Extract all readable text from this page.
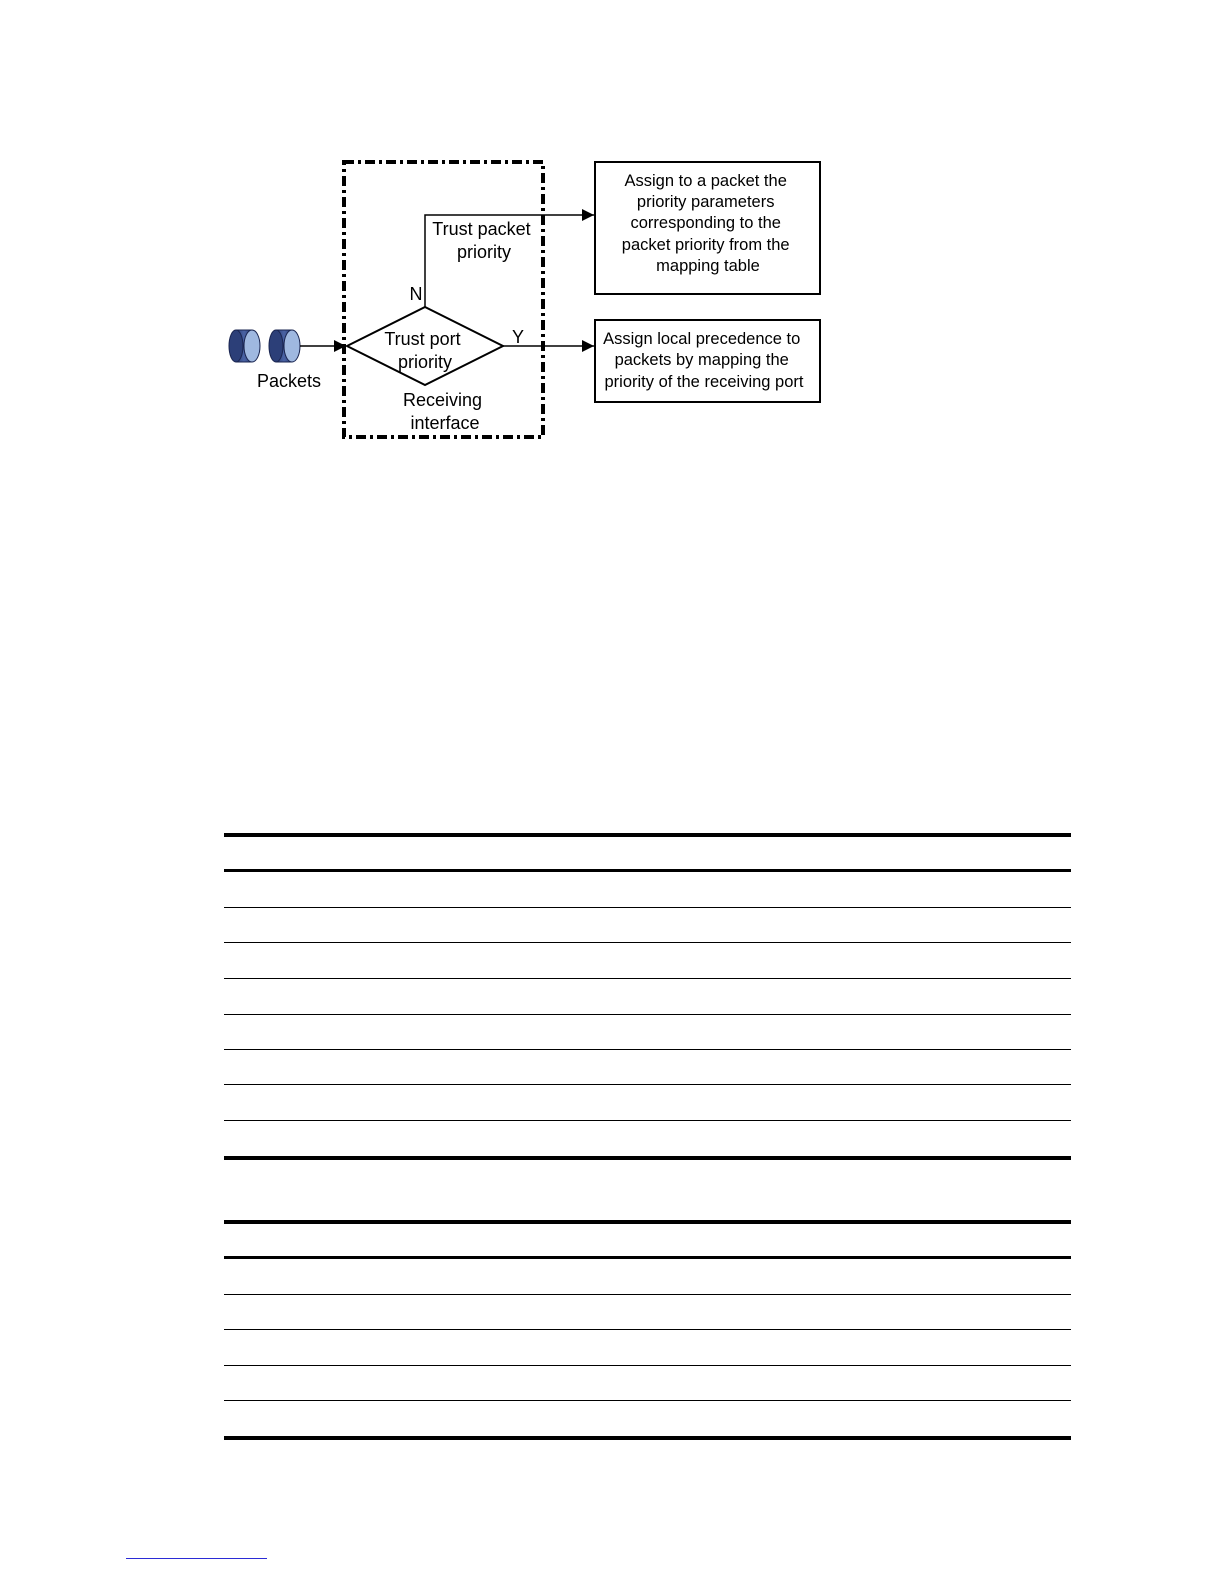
Packets
Receiving interface
Trust port priority
N
Trust packet priority
Y
Assign to a packet the priority parameters corresponding to the packet priority from the mapping table
Assign local precedence to packets by mapping the priority of the receiving port
